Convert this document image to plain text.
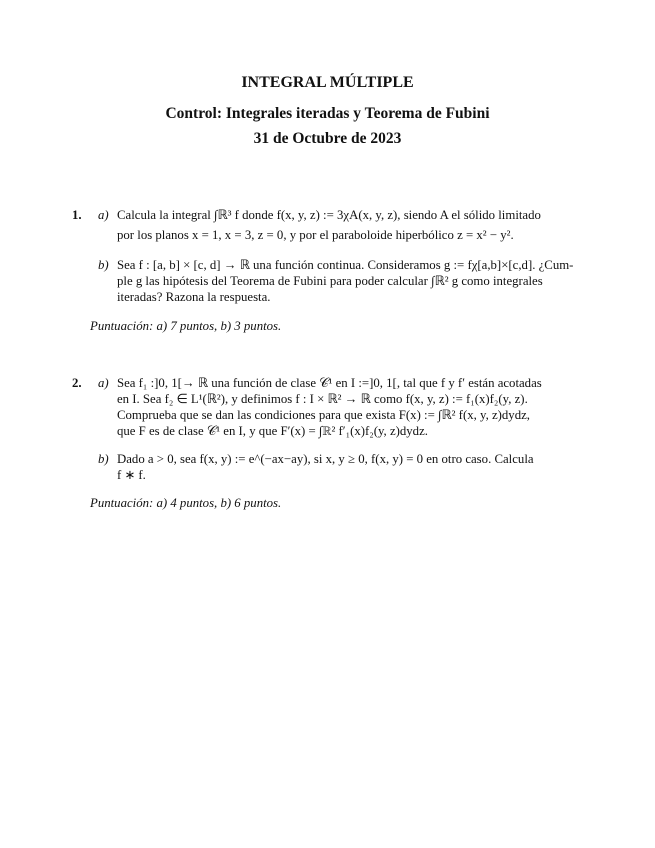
INTEGRAL MÚLTIPLE
Control: Integrales iteradas y Teorema de Fubini
31 de Octubre de 2023
1. a) Calcula la integral ∫ℝ³ f donde f(x, y, z) := 3χA(x, y, z), siendo A el sólido limitado
por los planos x = 1, x = 3, z = 0, y por el paraboloide hiperbólico z = x² − y².
b) Sea f : [a, b] × [c, d] → ℝ una función continua. Consideramos g := fχ[a,b]×[c,d]. ¿Cum-
ple g las hipótesis del Teorema de Fubini para poder calcular ∫ℝ² g como integrales
iteradas? Razona la respuesta.
Puntuación: a) 7 puntos, b) 3 puntos.
2. a) Sea f₁ :]0, 1[→ ℝ una función de clase 𝒞¹ en I :=]0, 1[, tal que f y f′ están acotadas
en I. Sea f₂ ∈ L¹(ℝ²), y definimos f : I × ℝ² → ℝ como f(x, y, z) := f₁(x)f₂(y, z).
Comprueba que se dan las condiciones para que exista F(x) := ∫ℝ² f(x, y, z)dydz,
que F es de clase 𝒞¹ en I, y que F′(x) = ∫ℝ² f′₁(x)f₂(y, z)dydz.
b) Dado a > 0, sea f(x, y) := e^(−ax−ay), si x, y ≥ 0, f(x, y) = 0 en otro caso. Calcula
f ∗ f.
Puntuación: a) 4 puntos, b) 6 puntos.
